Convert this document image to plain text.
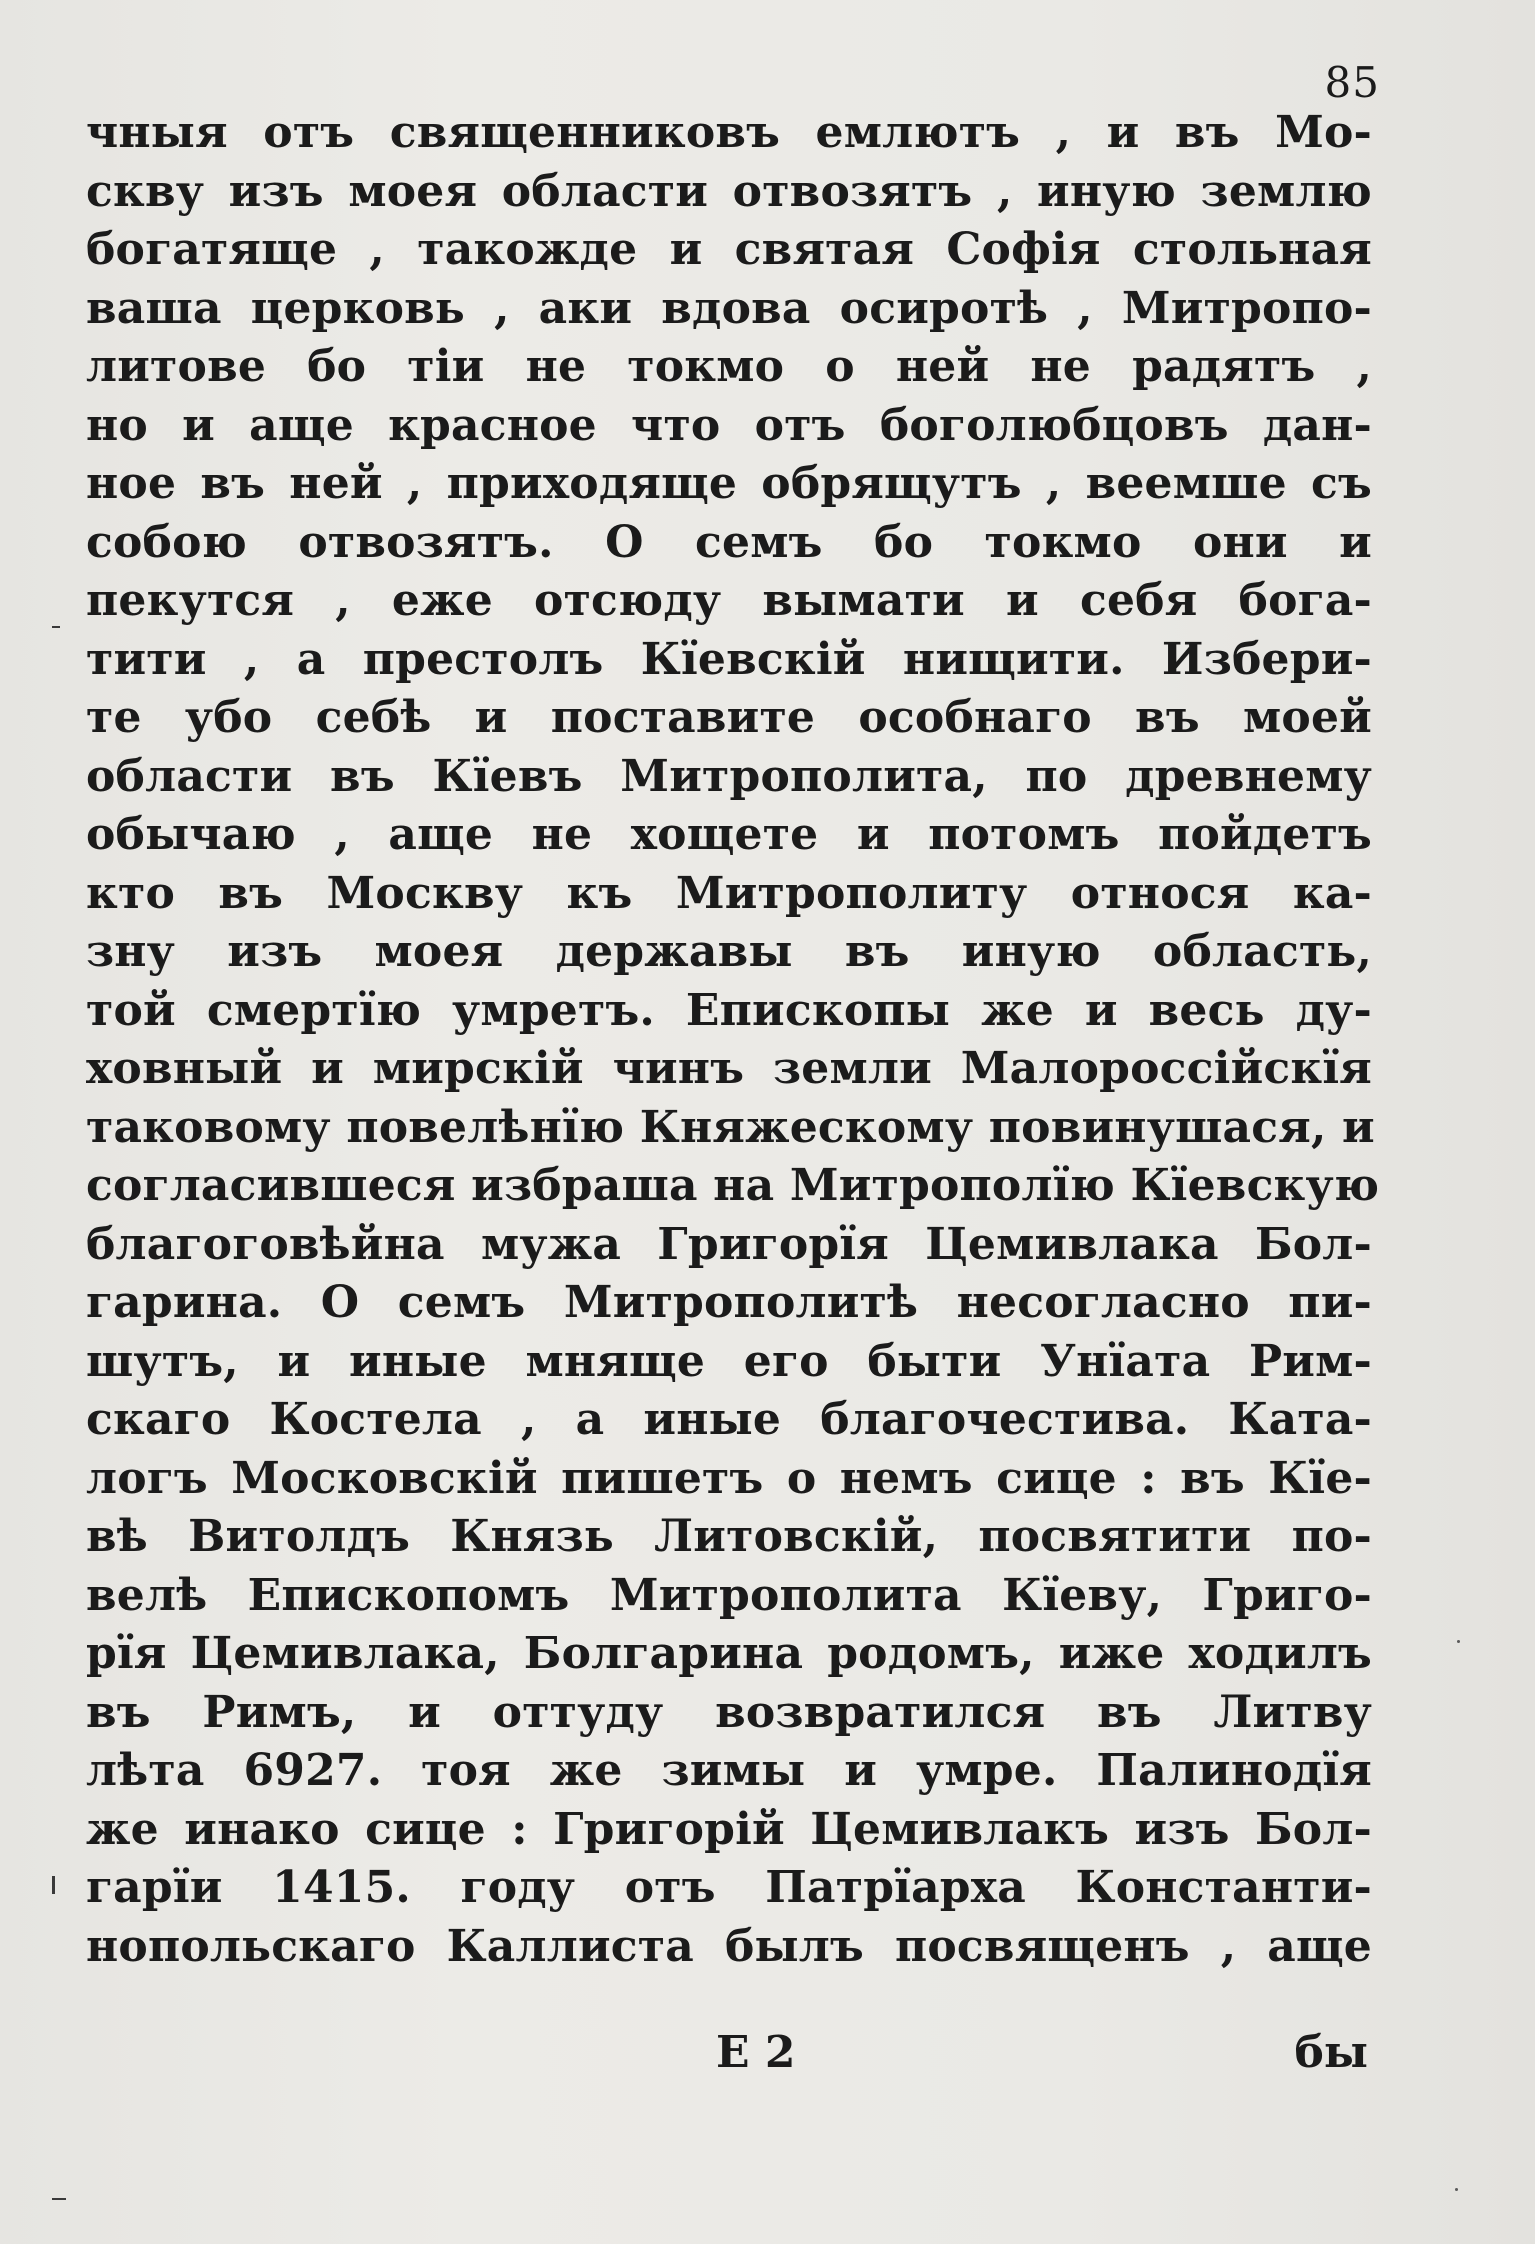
85
чныя отъ священниковъ емлютъ , и въ Мо-
скву изъ моея области отвозятъ , иную землю
богатяще , такожде и святая Софія стольная
ваша церковь , аки вдова осиротѣ , Митропо-
литове бо тіи не токмо о ней не радятъ ,
но и аще красное что отъ боголюбцовъ дан-
ное въ ней , приходяще обрящутъ , веемше съ
собою отвозятъ. О семъ бо токмо они и
пекутся , еже отсюду вымати и себя бога-
тити , а престолъ Кїевскій нищити. Избери-
те убо себѣ и поставите особнаго въ моей
области въ Кїевъ Митрополита, по древнему
обычаю , аще не хощете и потомъ пойдетъ
кто въ Москву къ Митрополиту относя ка-
зну изъ моея державы въ иную область,
той смертїю умретъ. Епископы же и весь ду-
ховный и мирскій чинъ земли Малороссійскїя
таковому повелѣнїю Княжескому повинушася, и
согласившеся избраша на Митрополїю Кїевскую
благоговѣйна мужа Григорїя Цемивлака Бол-
гарина. О семъ Митрополитѣ несогласно пи-
шутъ, и иные мняще его быти Унїата Рим-
скаго Костела , а иные благочестива. Ката-
логъ Московскій пишетъ о немъ сице : въ Кїе-
вѣ Витолдъ Князь Литовскій, посвятити по-
велѣ Епископомъ Митрополита Кїеву, Григо-
рїя Цемивлака, Болгарина родомъ, иже ходилъ
въ Римъ, и оттуду возвратился въ Литву
лѣта 6927. тоя же зимы и умре. Палинодїя
же инако сице : Григорій Цемивлакъ изъ Бол-
гарїи 1415. году отъ Патрїарха Константи-
нопольскаго Каллиста былъ посвященъ , аще
Е 2	бы
